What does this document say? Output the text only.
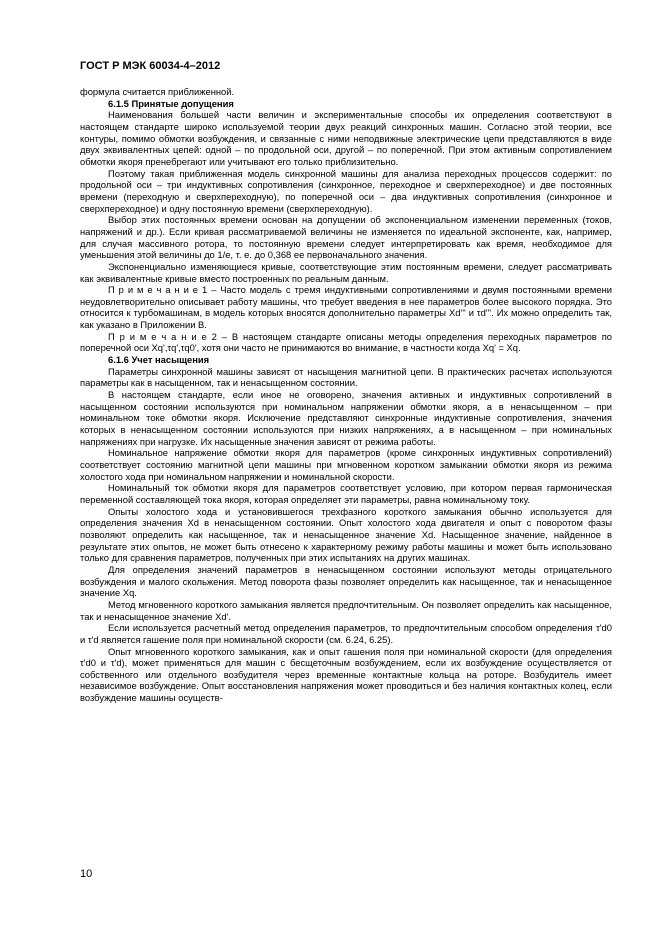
ГОСТ Р МЭК 60034-4–2012
формула считается приближенной.
6.1.5 Принятые допущения
Наименования большей части величин и экспериментальные способы их определения соответствуют в настоящем стандарте широко используемой теории двух реакций синхронных машин. Согласно этой теории, все контуры, помимо обмотки возбуждения, и связанные с ними неподвижные электрические цепи представляются в виде двух эквивалентных цепей: одной – по продольной оси, другой – по поперечной. При этом активным сопротивлением обмотки якоря пренебрегают или учитывают его только приблизительно.
Поэтому такая приближенная модель синхронной машины для анализа переходных процессов содержит: по продольной оси – три индуктивных сопротивления (синхронное, переходное и сверхпереходное) и две постоянных времени (переходную и сверхпереходную), по поперечной оси – два индуктивных сопротивления (синхронное и сверхпереходное) и одну постоянную времени (сверхпереходную).
Выбор этих постоянных времени основан на допущении об экспоненциальном изменении переменных (токов, напряжений и др.). Если кривая рассматриваемой величины не изменяется по идеальной экспоненте, как, например, для случая массивного ротора, то постоянную времени следует интерпретировать как время, необходимое для уменьшения этой величины до 1/e, т. е. до 0,368 ее первоначального значения.
Экспоненциально изменяющиеся кривые, соответствующие этим постоянным времени, следует рассматривать как эквивалентные кривые вместо построенных по реальным данным.
П р и м е ч а н и е 1 – Часто модель с тремя индуктивными сопротивлениями и двумя постоянными времени неудовлетворительно описывает работу машины, что требует введения в нее параметров более высокого порядка. Это относится к турбомашинам, в модель которых вносятся дополнительно параметры Xd''' и τd'''. Их можно определить так, как указано в Приложении В.
П р и м е ч а н и е 2 – В настоящем стандарте описаны методы определения переходных параметров по поперечной оси Xq',τq',τq0', хотя они часто не принимаются во внимание, в частности когда Xq' = Xq.
6.1.6 Учет насыщения
Параметры синхронной машины зависят от насыщения магнитной цепи. В практических расчетах используются параметры как в насыщенном, так и ненасыщенном состоянии.
В настоящем стандарте, если иное не оговорено, значения активных и индуктивных сопротивлений в насыщенном состоянии используются при номинальном напряжении обмотки якоря, а в ненасыщенном – при номинальном токе обмотки якоря. Исключение представляют синхронные индуктивные сопротивления, значения которых в ненасыщенном состоянии используются при низких напряжениях, а в насыщенном – при номинальных напряжениях при нагрузке. Их насыщенные значения зависят от режима работы.
Номинальное напряжение обмотки якоря для параметров (кроме синхронных индуктивных сопротивлений) соответствует состоянию магнитной цепи машины при мгновенном коротком замыкании обмотки якоря из режима холостого хода при номинальном напряжении и номинальной скорости.
Номинальный ток обмотки якоря для параметров соответствует условию, при котором первая гармоническая переменной составляющей тока якоря, которая определяет эти параметры, равна номинальному току.
Опыты холостого хода и установившегося трехфазного короткого замыкания обычно используется для определения значения Xd в ненасыщенном состоянии. Опыт холостого хода двигателя и опыт с поворотом фазы позволяют определить как насыщенное, так и ненасыщенное значение Xd. Насыщенное значение, найденное в результате этих опытов, не может быть отнесено к характерному режиму работы машины и может быть использовано только для сравнения параметров, полученных при этих испытаниях на других машинах.
Для определения значений параметров в ненасыщенном состоянии используют методы отрицательного возбуждения и малого скольжения. Метод поворота фазы позволяет определить как насыщенное, так и ненасыщенное значение Xq.
Метод мгновенного короткого замыкания является предпочтительным. Он позволяет определить как насыщенное, так и ненасыщенное значение Xd'.
Если используется расчетный метод определения параметров, то предпочтительным способом определения τ'd0 и τ'd является гашение поля при номинальной скорости (см. 6.24, 6.25).
Опыт мгновенного короткого замыкания, как и опыт гашения поля при номинальной скорости (для определения τ'd0 и τ'd), может применяться для машин с бесщеточным возбуждением, если их возбуждение осуществляется от собственного или отдельного возбудителя через временные контактные кольца на роторе. Возбудитель имеет независимое возбуждение. Опыт восстановления напряжения может проводиться и без наличия контактных колец, если возбуждение машины осуществ-
10
